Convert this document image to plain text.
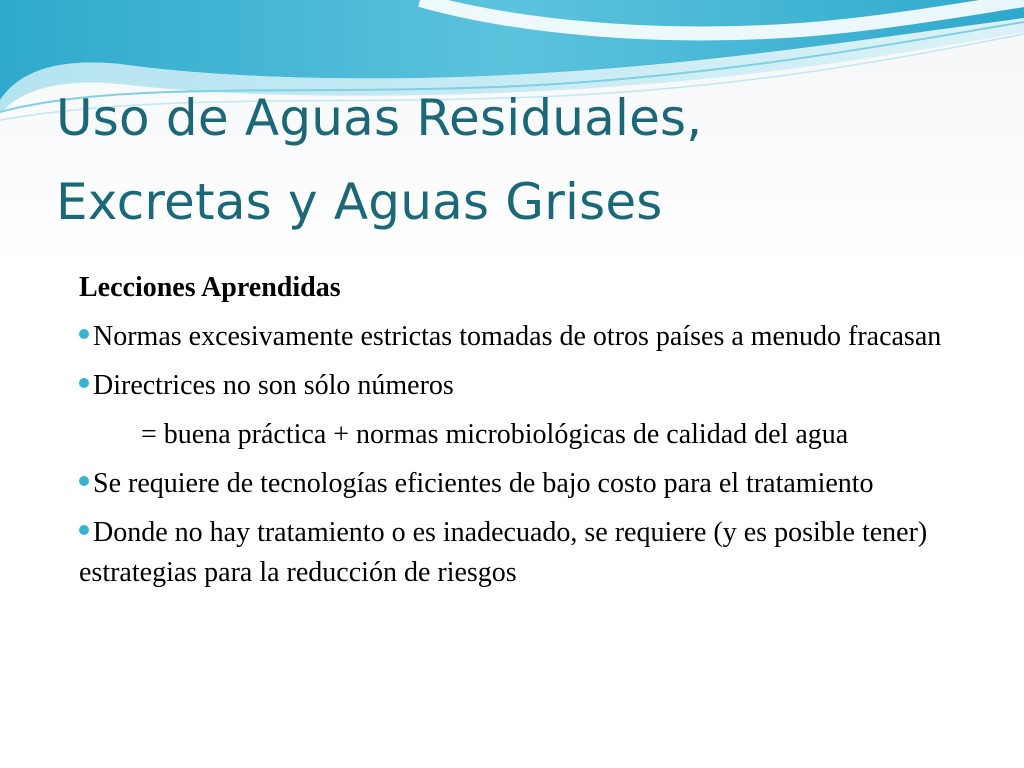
Uso de Aguas Residuales,
Excretas y Aguas Grises
Lecciones Aprendidas
Normas excesivamente estrictas tomadas de otros países a menudo fracasan
Directrices no son sólo números
= buena práctica + normas microbiológicas de calidad del agua
Se requiere de tecnologías eficientes de bajo costo para el tratamiento
Donde no hay tratamiento o es inadecuado, se requiere (y es posible tener) estrategias para la reducción de riesgos
